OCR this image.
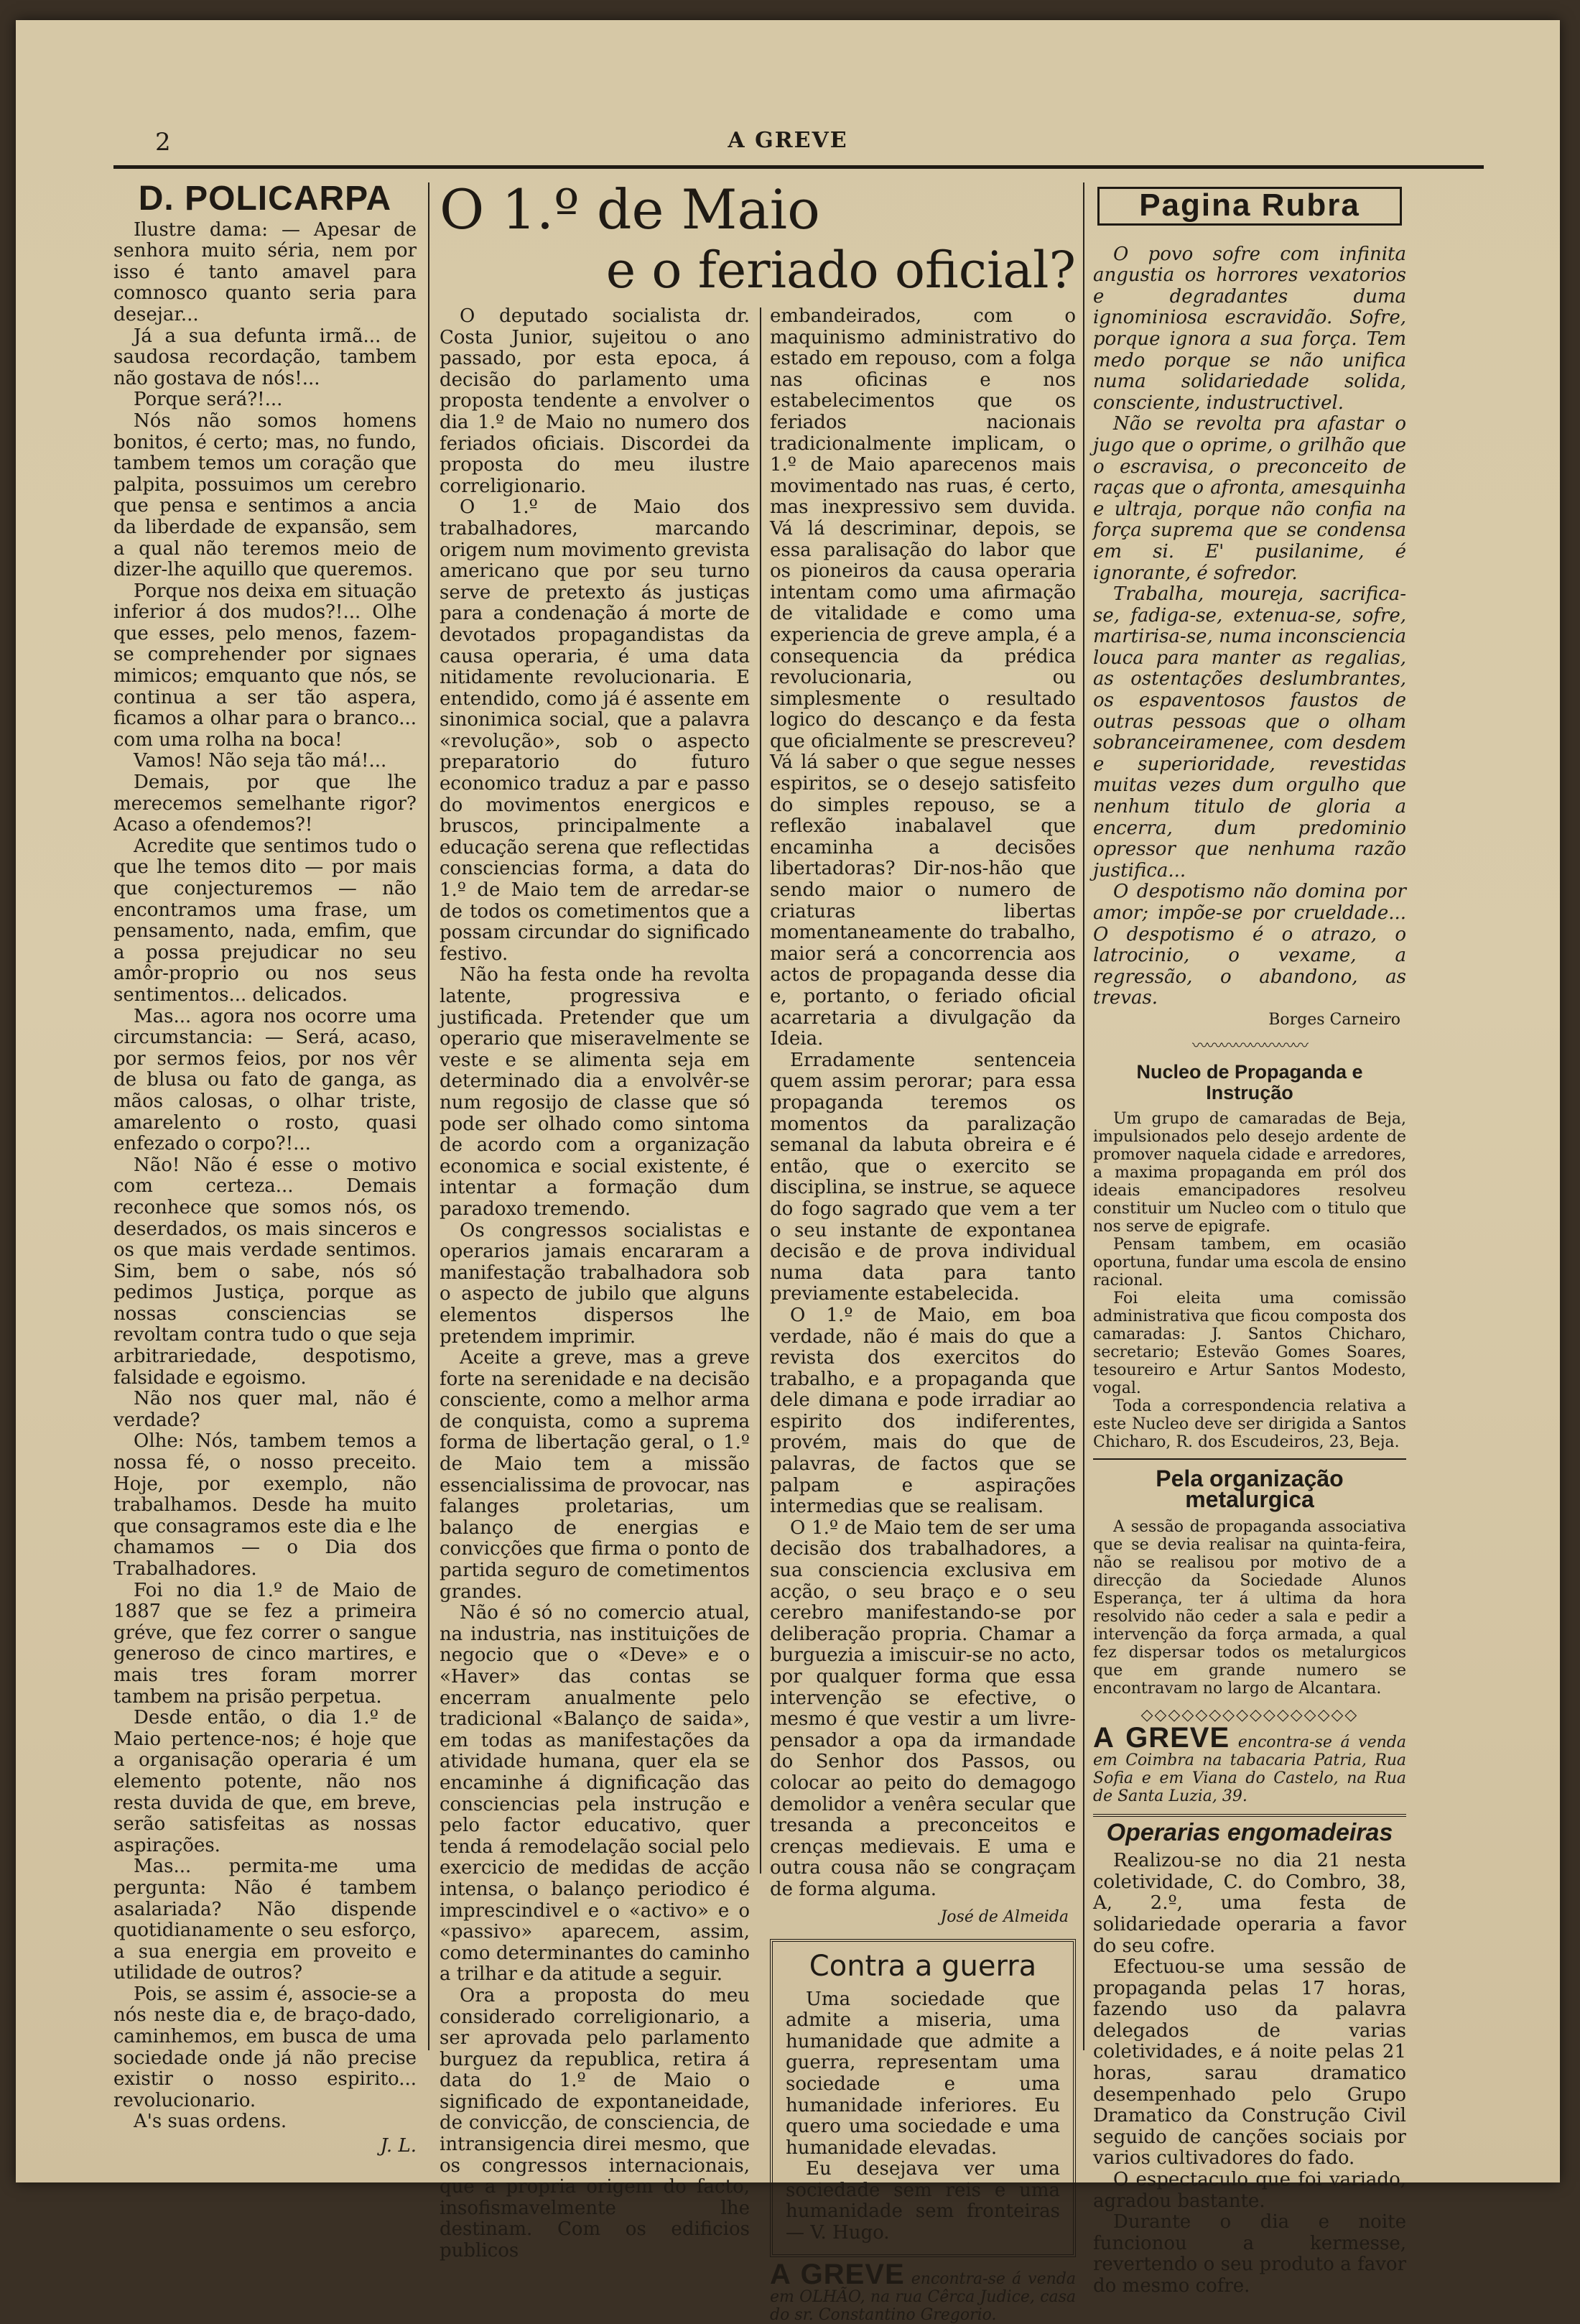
2	A GREVE
D. POLICARPA

Ilustre dama: — Apesar de senhora muito séria, nem por isso é tanto amavel para comnosco quanto seria para desejar...

Já a sua defunta irmã... de saudosa recordação, tambem não gostava de nós!...

Porque será?!...

Nós não somos homens bonitos, é certo; mas, no fundo, tambem temos um coração que palpita, possuimos um cerebro que pensa e sentimos a ancia da liberdade de expansão, sem a qual não teremos meio de dizer-lhe aquillo que queremos.

Porque nos deixa em situação inferior á dos mudos?!... Olhe que esses, pelo menos, fazem-se comprehender por signaes mimicos; emquanto que nós, se continua a ser tão aspera, ficamos a olhar para o branco... com uma rolha na boca!

Vamos! Não seja tão má!...

Demais, por que lhe merecemos semelhante rigor? Acaso a ofendemos?!

Acredite que sentimos tudo o que lhe temos dito — por mais que conjecturemos — não encontramos uma frase, um pensamento, nada, emfim, que a possa prejudicar no seu amôr-proprio ou nos seus sentimentos... delicados.

Mas... agora nos ocorre uma circumstancia: — Será, acaso, por sermos feios, por nos vêr de blusa ou fato de ganga, as mãos calosas, o olhar triste, amarelento o rosto, quasi enfezado o corpo?!...

Não! Não é esse o motivo com certeza... Demais reconhece que somos nós, os deserdados, os mais sinceros e os que mais verdade sentimos. Sim, bem o sabe, nós só pedimos Justiça, porque as nossas consciencias se revoltam contra tudo o que seja arbitrariedade, despotismo, falsidade e egoismo.

Não nos quer mal, não é verdade?

Olhe: Nós, tambem temos a nossa fé, o nosso preceito. Hoje, por exemplo, não trabalhamos. Desde ha muito que consagramos este dia e lhe chamamos — o Dia dos Trabalhadores.

Foi no dia 1.º de Maio de 1887 que se fez a primeira gréve, que fez correr o sangue generoso de cinco martires, e mais tres foram morrer tambem na prisão perpetua.

Desde então, o dia 1.º de Maio pertence-nos; é hoje que a organisação operaria é um elemento potente, não nos resta duvida de que, em breve, serão satisfeitas as nossas aspirações.

Mas... permita-me uma pergunta: Não é tambem asalariada? Não dispende quotidianamente o seu esforço, a sua energia em proveito e utilidade de outros?

Pois, se assim é, associe-se a nós neste dia e, de braço-dado, caminhemos, em busca de uma sociedade onde já não precise existir o nosso espirito... revolucionario.

A's suas ordens.

J. L.
O 1.º de Maio
e o feriado oficial?

O deputado socialista dr. Costa Junior, sujeitou o ano passado, por esta epoca, á decisão do parlamento uma proposta tendente a envolver o dia 1.º de Maio no numero dos feriados oficiais. Discordei da proposta do meu ilustre correligionario.

O 1.º de Maio dos trabalhadores, marcando origem num movimento grevista americano que por seu turno serve de pretexto ás justiças para a condenação á morte de devotados propagandistas da causa operaria, é uma data nitidamente revolucionaria. E entendido, como já é assente em sinonimica social, que a palavra «revolução», sob o aspecto preparatorio do futuro economico traduz a par e passo do movimentos energicos e bruscos, principalmente a educação serena que reflectidas consciencias forma, a data do 1.º de Maio tem de arredar-se de todos os cometimentos que a possam circundar do significado festivo.

Não ha festa onde ha revolta latente, progressiva e justificada. Pretender que um operario que miseravelmente se veste e se alimenta seja em determinado dia a envolvêr-se num regosijo de classe que só pode ser olhado como sintoma de acordo com a organização economica e social existente, é intentar a formação dum paradoxo tremendo.

Os congressos socialistas e operarios jamais encararam a manifestação trabalhadora sob o aspecto de jubilo que alguns elementos dispersos lhe pretendem imprimir.

Aceite a greve, mas a greve forte na serenidade e na decisão consciente, como a melhor arma de conquista, como a suprema forma de libertação geral, o 1.º de Maio tem a missão essencialissima de provocar, nas falanges proletarias, um balanço de energias e convicções que firma o ponto de partida seguro de cometimentos grandes.

Não é só no comercio atual, na industria, nas instituições de negocio que o «Deve» e o «Haver» das contas se encerram anualmente pelo tradicional «Balanço de saida», em todas as manifestações da atividade humana, quer ela se encaminhe á dignificação das consciencias pela instrução e pelo factor educativo, quer tenda á remodelação social pelo exercicio de medidas de acção intensa, o balanço periodico é imprescindivel e o «activo» e o «passivo» aparecem, assim, como determinantes do caminho a trilhar e da atitude a seguir.

Ora a proposta do meu considerado correligionario, a ser aprovada pelo parlamento burguez da republica, retira á data do 1.º de Maio o significado de expontaneidade, de convicção, de consciencia, de intransigencia direi mesmo, que os congressos internacionais, que a propria origem do facto, insofismavelmente lhe destinam. Com os edificios publicos

embandeirados, com o maquinismo administrativo do estado em repouso, com a folga nas oficinas e nos estabelecimentos que os feriados nacionais tradicionalmente implicam, o 1.º de Maio aparecenos mais movimentado nas ruas, é certo, mas inexpressivo sem duvida. Vá lá descriminar, depois, se essa paralisação do labor que os pioneiros da causa operaria intentam como uma afirmação de vitalidade e como uma experiencia de greve ampla, é a consequencia da prédica revolucionaria, ou simplesmente o resultado logico do descanço e da festa que oficialmente se prescreveu? Vá lá saber o que segue nesses espiritos, se o desejo satisfeito do simples repouso, se a reflexão inabalavel que encaminha a decisões libertadoras? Dir-nos-hão que sendo maior o numero de criaturas libertas momentaneamente do trabalho, maior será a concorrencia aos actos de propaganda desse dia e, portanto, o feriado oficial acarretaria a divulgação da Ideia.

Erradamente sentenceia quem assim perorar; para essa propaganda teremos os momentos da paralização semanal da labuta obreira e é então, que o exercito se disciplina, se instrue, se aquece do fogo sagrado que vem a ter o seu instante de expontanea decisão e de prova individual numa data para tanto previamente estabelecida.

O 1.º de Maio, em boa verdade, não é mais do que a revista dos exercitos do trabalho, e a propaganda que dele dimana e pode irradiar ao espirito dos indiferentes, provém, mais do que de palavras, de factos que se palpam e aspirações intermedias que se realisam.

O 1.º de Maio tem de ser uma decisão dos trabalhadores, a sua consciencia exclusiva em acção, o seu braço e o seu cerebro manifestando-se por deliberação propria. Chamar a burguezia a imiscuir-se no acto, por qualquer forma que essa intervenção se efective, o mesmo é que vestir a um livre-pensador a opa da irmandade do Senhor dos Passos, ou colocar ao peito do demagogo demolidor a venêra secular que tresanda a preconceitos e crenças medievais. E uma e outra cousa não se congraçam de forma alguma.

José de Almeida
Contra a guerra

Uma sociedade que admite a miseria, uma humanidade que admite a guerra, representam uma sociedade e uma humanidade inferiores. Eu quero uma sociedade e uma humanidade elevadas.

Eu desejava ver uma sociedade sem reis e uma humanidade sem fronteiras— V. Hugo.

A GREVE encontra-se á venda em OLHÃO, na rua Cêrca Judice, casa do sr. Constantino Gregorio.
Pagina Rubra

O povo sofre com infinita angustia os horrores vexatorios e degradantes duma ignominiosa escravidão. Sofre, porque ignora a sua força. Tem medo porque se não unifica numa solidariedade solida, consciente, industructivel.

Não se revolta pra afastar o jugo que o oprime, o grilhão que o escravisa, o preconceito de raças que o afronta, amesquinha e ultraja, porque não confia na força suprema que se condensa em si. E' pusilanime, é ignorante, é sofredor.

Trabalha, moureja, sacrifica-se, fadiga-se, extenua-se, sofre, martirisa-se, numa inconsciencia louca para manter as regalias, as ostentações deslumbrantes, os espaventosos faustos de outras pessoas que o olham sobranceiramenee, com desdem e superioridade, revestidas muitas vezes dum orgulho que nenhum titulo de gloria a encerra, dum predominio opressor que nenhuma razão justifica...

O despotismo não domina por amor; impõe-se por crueldade... O despotismo é o atrazo, o latrocinio, o vexame, a regressão, o abandono, as trevas.

Borges Carneiro
〰〰〰〰〰〰〰〰
Nucleo de Propaganda e Instrução

Um grupo de camaradas de Beja, impulsionados pelo desejo ardente de promover naquela cidade e arredores, a maxima propaganda em pról dos ideais emancipadores resolveu constituir um Nucleo com o titulo que nos serve de epigrafe.

Pensam tambem, em ocasião oportuna, fundar uma escola de ensino racional.

Foi eleita uma comissão administrativa que ficou composta dos camaradas: J. Santos Chicharo, secretario; Estevão Gomes Soares, tesoureiro e Artur Santos Modesto, vogal.

Toda a correspondencia relativa a este Nucleo deve ser dirigida a Santos Chicharo, R. dos Escudeiros, 23, Beja.

Pela organização metalurgica

A sessão de propaganda associativa que se devia realisar na quinta-feira, não se realisou por motivo de a direcção da Sociedade Alunos Esperança, ter á ultima da hora resolvido não ceder a sala e pedir a intervenção da força armada, a qual fez dispersar todos os metalurgicos que em grande numero se encontravam no largo de Alcantara.

◇◇◇◇◇◇◇◇◇◇◇◇◇◇◇◇
A GREVE encontra-se á venda em Coimbra na tabacaria Patria, Rua Sofia e em Viana do Castelo, na Rua de Santa Luzia, 39.
Operarias engomadeiras

Realizou-se no dia 21 nesta coletividade, C. do Combro, 38, A, 2.º, uma festa de solidariedade operaria a favor do seu cofre.

Efectuou-se uma sessão de propaganda pelas 17 horas, fazendo uso da palavra delegados de varias coletividades, e á noite pelas 21 horas, sarau dramatico desempenhado pelo Grupo Dramatico da Construção Civil seguido de canções sociais por varios cultivadores do fado.

O espectaculo que foi variado, agradou bastante.

Durante o dia e noite funcionou a kermesse, revertendo o seu produto a favor do mesmo cofre.
